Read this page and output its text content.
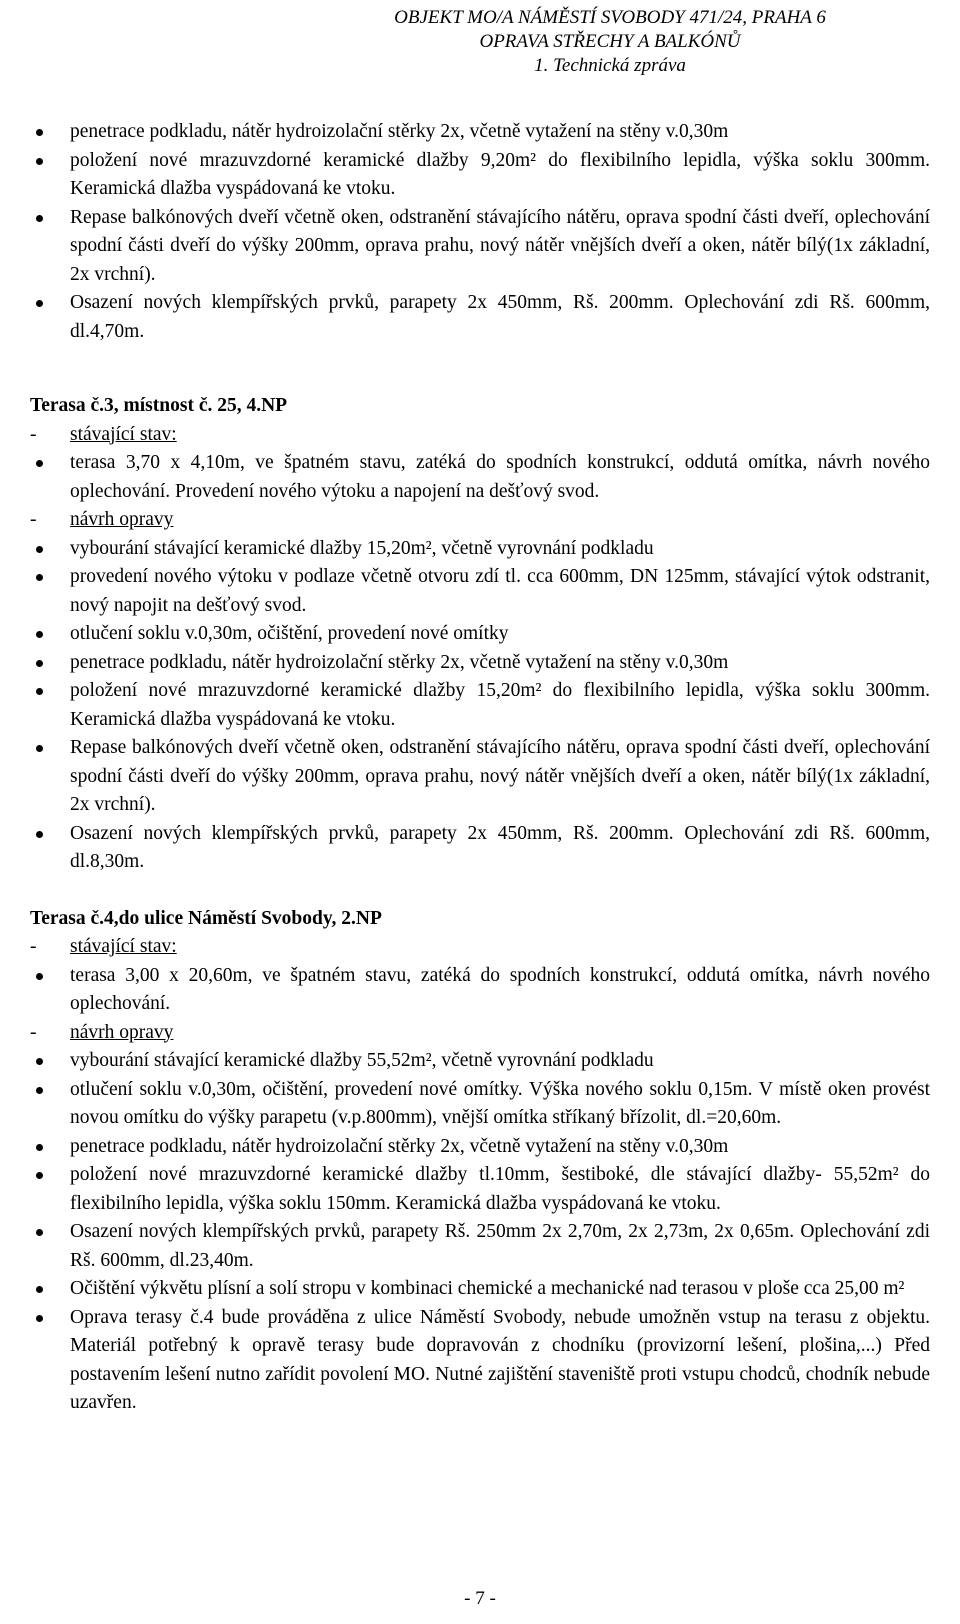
OBJEKT MO/A NÁMĚSTÍ SVOBODY 471/24, PRAHA 6
OPRAVA STŘECHY A BALKÓNŮ
1. Technická zpráva
penetrace podkladu, nátěr hydroizolační stěrky 2x, včetně vytažení na stěny v.0,30m
položení nové mrazuvzdorné keramické dlažby 9,20m² do flexibilního lepidla, výška soklu 300mm. Keramická dlažba vyspádovaná ke vtoku.
Repase balkónových dveří včetně oken, odstranění stávajícího nátěru, oprava spodní části dveří, oplechování spodní části dveří do výšky 200mm, oprava prahu, nový nátěr vnějších dveří a oken, nátěr bílý(1x základní, 2x vrchní).
Osazení nových klempířských prvků, parapety 2x 450mm, Rš. 200mm. Oplechování zdi Rš. 600mm, dl.4,70m.
Terasa č.3, místnost č. 25, 4.NP
- stávající stav:
terasa 3,70 x 4,10m, ve špatném stavu, zatéká do spodních konstrukcí, oddutá omítka, návrh nového oplechování. Provedení nového výtoku a napojení na dešťový svod.
- návrh opravy
vybourání stávající keramické dlažby 15,20m², včetně vyrovnání podkladu
provedení nového výtoku v podlaze včetně otvoru zdí tl. cca 600mm, DN 125mm, stávající výtok odstranit, nový napojit na dešťový svod.
otlučení soklu v.0,30m, očištění, provedení nové omítky
penetrace podkladu, nátěr hydroizolační stěrky 2x, včetně vytažení na stěny v.0,30m
položení nové mrazuvzdorné keramické dlažby 15,20m² do flexibilního lepidla, výška soklu 300mm. Keramická dlažba vyspádovaná ke vtoku.
Repase balkónových dveří včetně oken, odstranění stávajícího nátěru, oprava spodní části dveří, oplechování spodní části dveří do výšky 200mm, oprava prahu, nový nátěr vnějších dveří a oken, nátěr bílý(1x základní, 2x vrchní).
Osazení nových klempířských prvků, parapety 2x 450mm, Rš. 200mm. Oplechování zdi Rš. 600mm, dl.8,30m.
Terasa č.4,do ulice Náměstí Svobody, 2.NP
- stávající stav:
terasa 3,00 x 20,60m, ve špatném stavu, zatéká do spodních konstrukcí, oddutá omítka, návrh nového oplechování.
- návrh opravy
vybourání stávající keramické dlažby 55,52m², včetně vyrovnání podkladu
otlučení soklu v.0,30m, očištění, provedení nové omítky. Výška nového soklu 0,15m. V místě oken provést novou omítku do výšky parapetu (v.p.800mm), vnější omítka stříkaný břízolit, dl.=20,60m.
penetrace podkladu, nátěr hydroizolační stěrky 2x, včetně vytažení na stěny v.0,30m
položení nové mrazuvzdorné keramické dlažby tl.10mm, šestiboké, dle stávající dlažby- 55,52m² do flexibilního lepidla, výška soklu 150mm. Keramická dlažba vyspádovaná ke vtoku.
Osazení nových klempířských prvků, parapety Rš. 250mm 2x 2,70m, 2x 2,73m, 2x 0,65m. Oplechování zdi Rš. 600mm, dl.23,40m.
Očištění výkvětu plísní a solí stropu v kombinaci chemické a mechanické nad terasou v ploše cca 25,00 m²
Oprava terasy č.4 bude prováděna z ulice Náměstí Svobody, nebude umožněn vstup na terasu z objektu. Materiál potřebný k opravě terasy bude dopravován z chodníku (provizorní lešení, plošina,...) Před postavením lešení nutno zařídit povolení MO. Nutné zajištění staveniště proti vstupu chodců, chodník nebude uzavřen.
- 7 -
